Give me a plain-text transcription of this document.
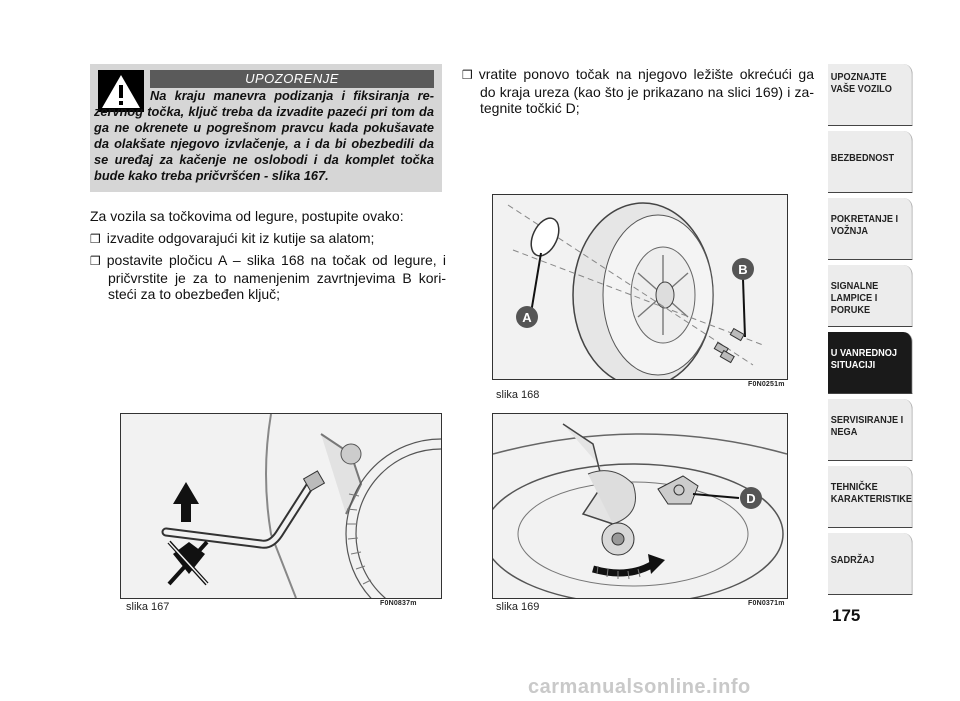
UPOZORENJE
Na kraju manevra podizanja i fiksiranja re-zervnog točka, ključ treba da izvadite pazeći pri tom da ga ne okrenete u pogrešnom pravcu kada pokušavate da olakšate njegovo izvlačenje, a i da bi obezbedili da se uređaj za kačenje ne oslobodi i da komplet točka bude kako treba pričvršćen - slika 167.
Za vozila sa točkovima od legure, postupite ovako:
❒ izvadite odgovarajući kit iz kutije sa alatom;
❒ postavite pločicu A – slika 168 na točak od legure, i pričvrstite je za to namenjenim zavrtnjevima B kori-steći za to obezbeđen ključ;
❒ vratite ponovo točak na njegovo ležište okrećući ga do kraja ureza (kao što je prikazano na slici 169) i za-tegnite točkić D;
slika 167	F0N0837m
A
B
slika 168
F0N0251m
D
slika 169	F0N0371m
UPOZNAJTE VAŠE VOZILO
BEZBEDNOST
POKRETANJE I VOŽNJA
SIGNALNE LAMPICE I PORUKE
U VANREDNOJ SITUACIJI
SERVISIRANJE I NEGA
TEHNIČKE KARAKTERISTIKE
SADRŽAJ
175
carmanualsonline.info
